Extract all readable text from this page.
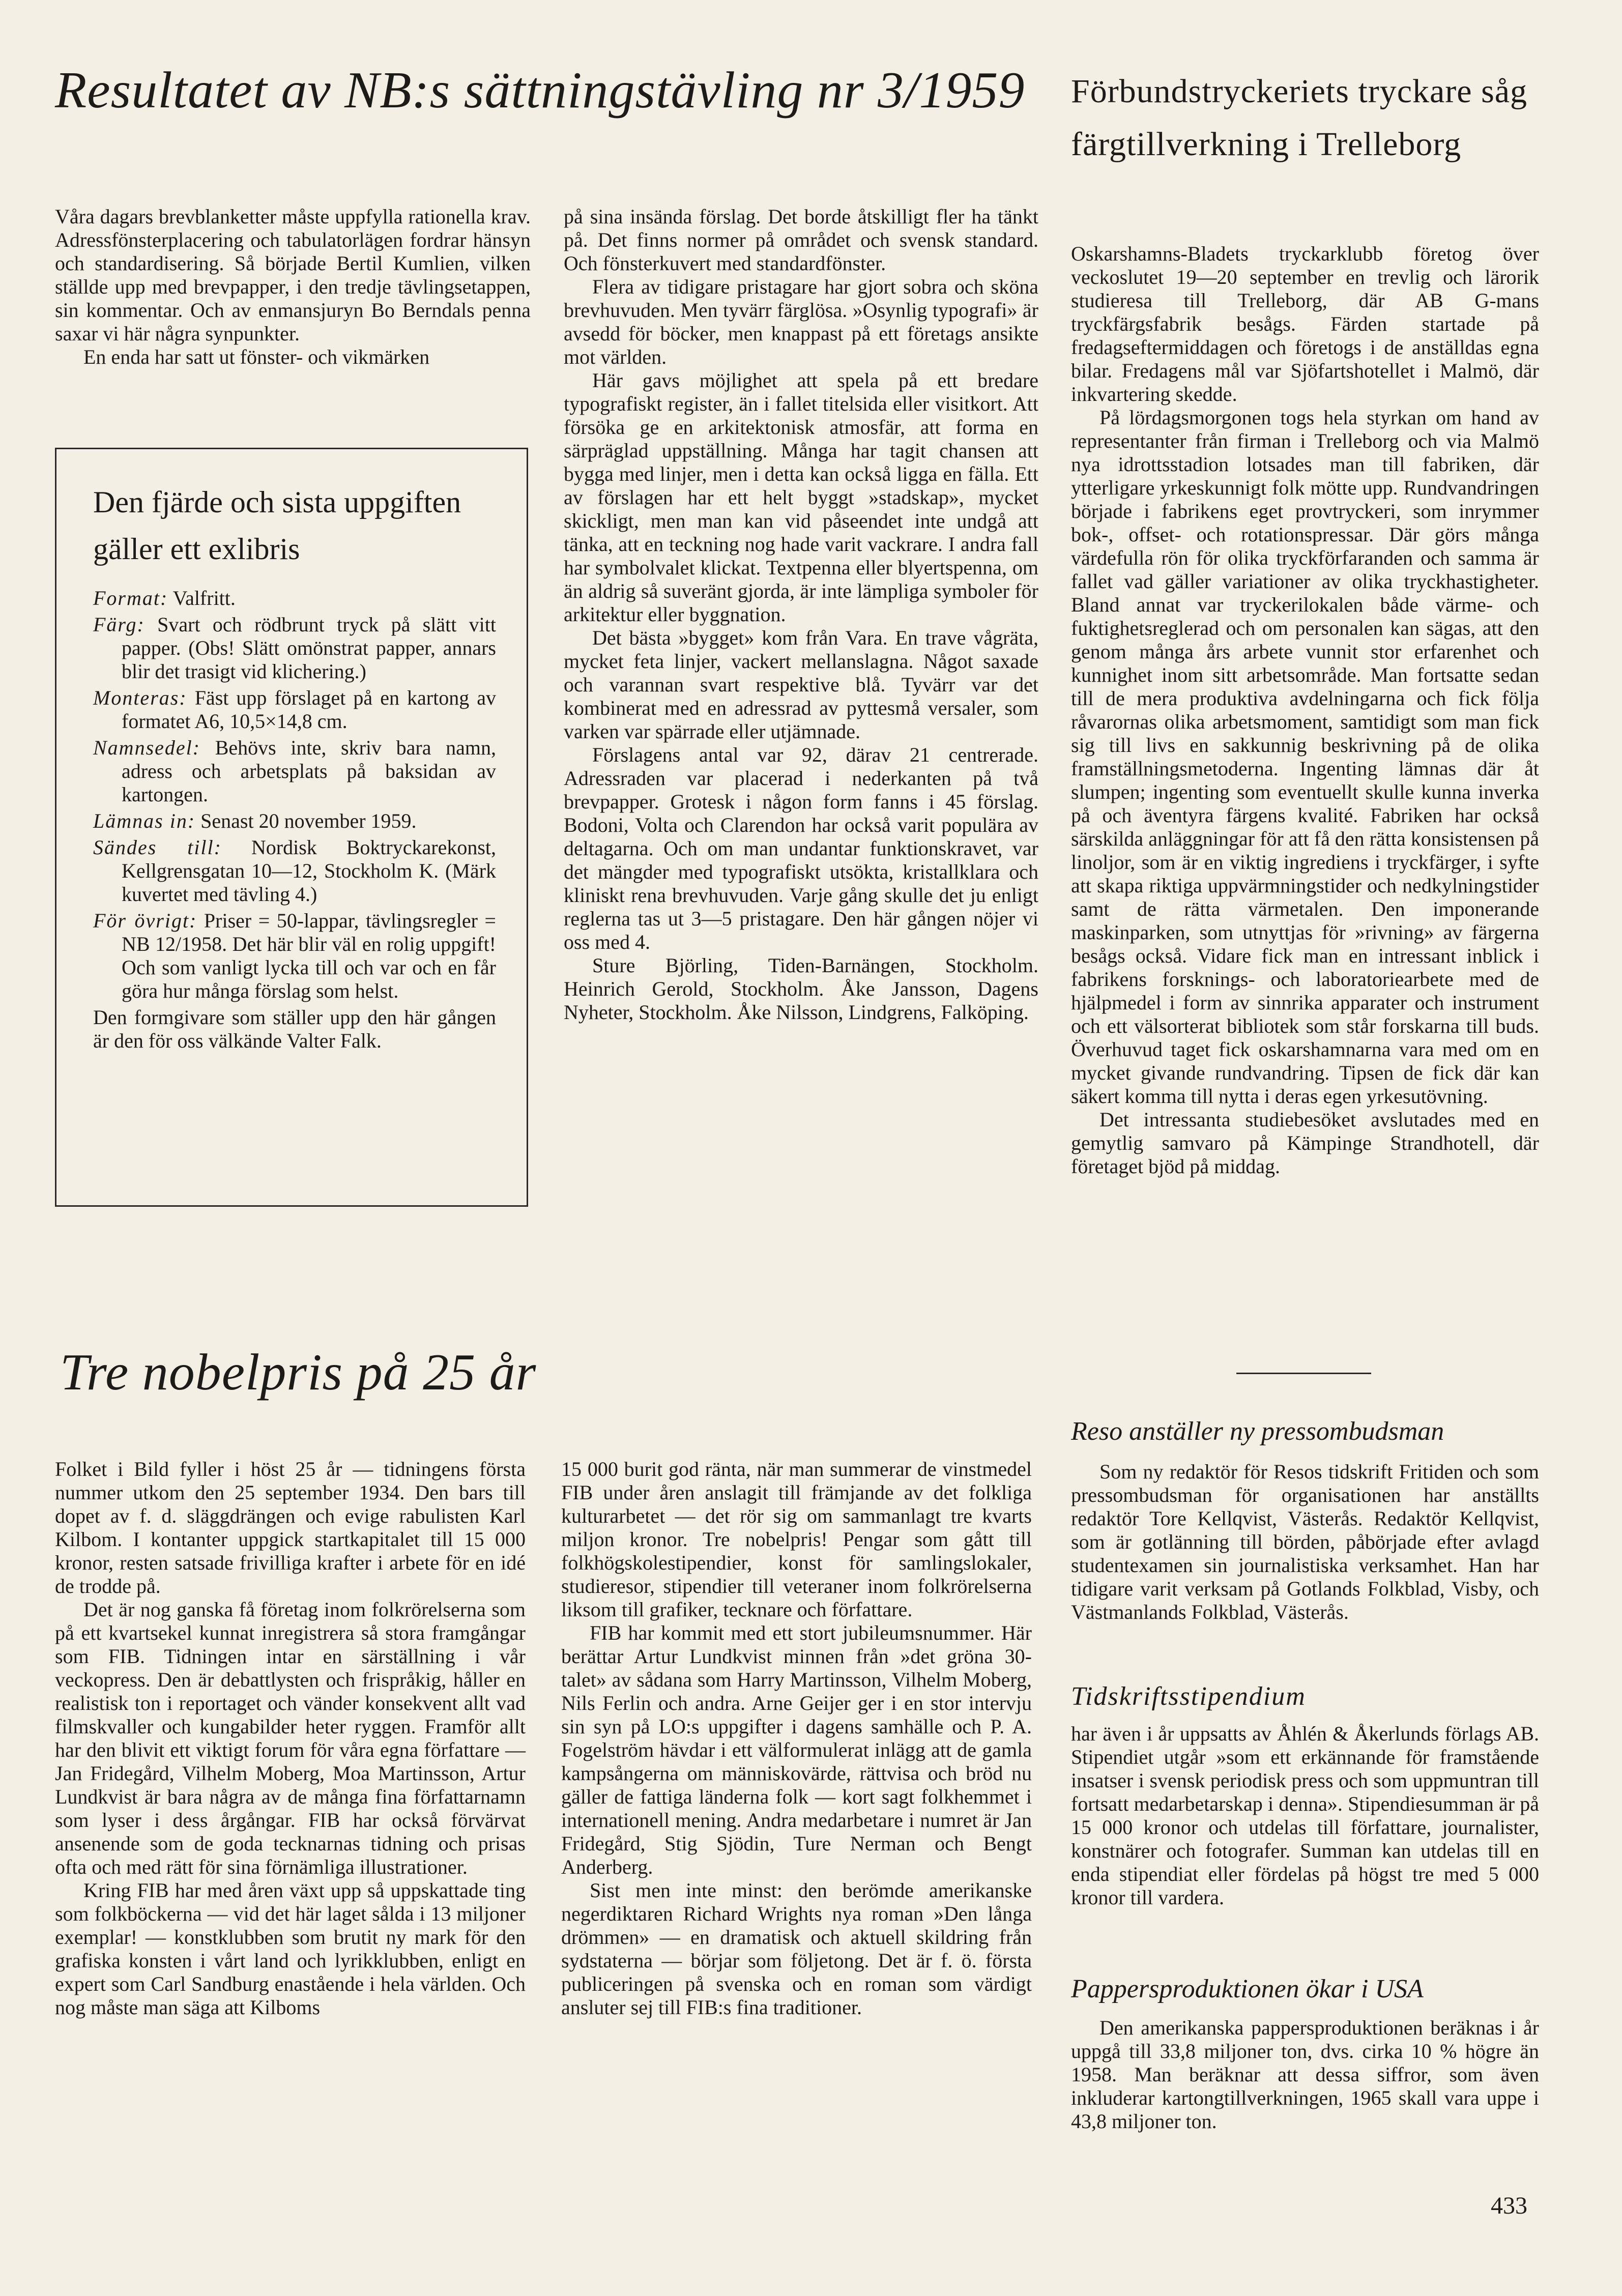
Resultatet av NB:s sättningstävling nr 3/1959

Våra dagars brevblanketter måste uppfylla rationella krav. Adressfönsterplacering och tabulatorlägen fordrar hänsyn och standardisering. Så började Bertil Kumlien, vilken ställde upp med brevpapper, i den tredje tävlingsetappen, sin kommentar. Och av enmansjuryn Bo Berndals penna saxar vi här några synpunkter.

En enda har satt ut fönster- och vikmärken

Den fjärde och sista uppgiften gäller ett exlibris

Format: Valfritt.

Färg: Svart och rödbrunt tryck på slätt vitt papper. (Obs! Slätt omönstrat papper, annars blir det trasigt vid klichering.)

Monteras: Fäst upp förslaget på en kartong av formatet A6, 10,5×14,8 cm.

Namnsedel: Behövs inte, skriv bara namn, adress och arbetsplats på baksidan av kartongen.

Lämnas in: Senast 20 november 1959.

Sändes till: Nordisk Boktryckarekonst, Kellgrensgatan 10—12, Stockholm K. (Märk kuvertet med tävling 4.)

För övrigt: Priser = 50-lappar, tävlingsregler = NB 12/1958. Det här blir väl en rolig uppgift! Och som vanligt lycka till och var och en får göra hur många förslag som helst.

Den formgivare som ställer upp den här gången är den för oss välkände Valter Falk.

på sina insända förslag. Det borde åtskilligt fler ha tänkt på. Det finns normer på området och svensk standard. Och fönsterkuvert med standardfönster.

Flera av tidigare pristagare har gjort sobra och sköna brevhuvuden. Men tyvärr färglösa. »Osynlig typografi» är avsedd för böcker, men knappast på ett företags ansikte mot världen.

Här gavs möjlighet att spela på ett bredare typografiskt register, än i fallet titelsida eller visitkort. Att försöka ge en arkitektonisk atmosfär, att forma en särpräglad uppställning. Många har tagit chansen att bygga med linjer, men i detta kan också ligga en fälla. Ett av förslagen har ett helt byggt »stadskap», mycket skickligt, men man kan vid påseendet inte undgå att tänka, att en teckning nog hade varit vackrare. I andra fall har symbolvalet klickat. Textpenna eller blyertspenna, om än aldrig så suveränt gjorda, är inte lämpliga symboler för arkitektur eller byggnation.

Det bästa »bygget» kom från Vara. En trave vågräta, mycket feta linjer, vackert mellanslagna. Något saxade och varannan svart respektive blå. Tyvärr var det kombinerat med en adressrad av pyttesmå versaler, som varken var spärrade eller utjämnade.

Förslagens antal var 92, därav 21 centrerade. Adressraden var placerad i nederkanten på två brevpapper. Grotesk i någon form fanns i 45 förslag. Bodoni, Volta och Clarendon har också varit populära av deltagarna. Och om man undantar funktionskravet, var det mängder med typografiskt utsökta, kristallklara och kliniskt rena brevhuvuden. Varje gång skulle det ju enligt reglerna tas ut 3—5 pristagare. Den här gången nöjer vi oss med 4.

Sture Björling, Tiden-Barnängen, Stockholm. Heinrich Gerold, Stockholm. Åke Jansson, Dagens Nyheter, Stockholm. Åke Nilsson, Lindgrens, Falköping.

Förbundstryckeriets tryckare såg färgtillverkning i Trelleborg

Oskarshamns-Bladets tryckarklubb företog över veckoslutet 19—20 september en trevlig och lärorik studieresa till Trelleborg, där AB G-mans tryckfärgsfabrik besågs. Färden startade på fredagseftermiddagen och företogs i de anställdas egna bilar. Fredagens mål var Sjöfartshotellet i Malmö, där inkvartering skedde.

På lördagsmorgonen togs hela styrkan om hand av representanter från firman i Trelleborg och via Malmö nya idrottsstadion lotsades man till fabriken, där ytterligare yrkeskunnigt folk mötte upp. Rundvandringen började i fabrikens eget provtryckeri, som inrymmer bok-, offset- och rotationspressar. Där görs många värdefulla rön för olika tryckförfaranden och samma är fallet vad gäller variationer av olika tryckhastigheter. Bland annat var tryckerilokalen både värme- och fuktighetsreglerad och om personalen kan sägas, att den genom många års arbete vunnit stor erfarenhet och kunnighet inom sitt arbetsområde. Man fortsatte sedan till de mera produktiva avdelningarna och fick följa råvarornas olika arbetsmoment, samtidigt som man fick sig till livs en sakkunnig beskrivning på de olika framställningsmetoderna. Ingenting lämnas där åt slumpen; ingenting som eventuellt skulle kunna inverka på och äventyra färgens kvalité. Fabriken har också särskilda anläggningar för att få den rätta konsistensen på linoljor, som är en viktig ingrediens i tryckfärger, i syfte att skapa riktiga uppvärmningstider och nedkylningstider samt de rätta värmetalen. Den imponerande maskinparken, som utnyttjas för »rivning» av färgerna besågs också. Vidare fick man en intressant inblick i fabrikens forsknings- och laboratoriearbete med de hjälpmedel i form av sinnrika apparater och instrument och ett välsorterat bibliotek som står forskarna till buds. Överhuvud taget fick oskarshamnarna vara med om en mycket givande rundvandring. Tipsen de fick där kan säkert komma till nytta i deras egen yrkesutövning.

Det intressanta studiebesöket avslutades med en gemytlig samvaro på Kämpinge Strandhotell, där företaget bjöd på middag.

Tre nobelpris på 25 år

Folket i Bild fyller i höst 25 år — tidningens första nummer utkom den 25 september 1934. Den bars till dopet av f. d. släggdrängen och evige rabulisten Karl Kilbom. I kontanter uppgick startkapitalet till 15 000 kronor, resten satsade frivilliga krafter i arbete för en idé de trodde på.

Det är nog ganska få företag inom folkrörelserna som på ett kvartsekel kunnat inregistrera så stora framgångar som FIB. Tidningen intar en särställning i vår veckopress. Den är debattlysten och frispråkig, håller en realistisk ton i reportaget och vänder konsekvent allt vad filmskvaller och kungabilder heter ryggen. Framför allt har den blivit ett viktigt forum för våra egna författare — Jan Fridegård, Vilhelm Moberg, Moa Martinsson, Artur Lundkvist är bara några av de många fina författarnamn som lyser i dess årgångar. FIB har också förvärvat ansenende som de goda tecknarnas tidning och prisas ofta och med rätt för sina förnämliga illustrationer.

Kring FIB har med åren växt upp så uppskattade ting som folkböckerna — vid det här laget sålda i 13 miljoner exemplar! — konstklubben som brutit ny mark för den grafiska konsten i vårt land och lyrikklubben, enligt en expert som Carl Sandburg enastående i hela världen. Och nog måste man säga att Kilboms

15 000 burit god ränta, när man summerar de vinstmedel FIB under åren anslagit till främjande av det folkliga kulturarbetet — det rör sig om sammanlagt tre kvarts miljon kronor. Tre nobelpris! Pengar som gått till folkhögskolestipendier, konst för samlingslokaler, studieresor, stipendier till veteraner inom folkrörelserna liksom till grafiker, tecknare och författare.

FIB har kommit med ett stort jubileumsnummer. Här berättar Artur Lundkvist minnen från »det gröna 30-talet» av sådana som Harry Martinsson, Vilhelm Moberg, Nils Ferlin och andra. Arne Geijer ger i en stor intervju sin syn på LO:s uppgifter i dagens samhälle och P. A. Fogelström hävdar i ett välformulerat inlägg att de gamla kampsångerna om människovärde, rättvisa och bröd nu gäller de fattiga länderna folk — kort sagt folkhemmet i internationell mening. Andra medarbetare i numret är Jan Fridegård, Stig Sjödin, Ture Nerman och Bengt Anderberg.

Sist men inte minst: den berömde amerikanske negerdiktaren Richard Wrights nya roman »Den långa drömmen» — en dramatisk och aktuell skildring från sydstaterna — börjar som följetong. Det är f. ö. första publiceringen på svenska och en roman som värdigt ansluter sej till FIB:s fina traditioner.

Reso anställer ny pressombudsman

Som ny redaktör för Resos tidskrift Fritiden och som pressombudsman för organisationen har anställts redaktör Tore Kellqvist, Västerås. Redaktör Kellqvist, som är gotlänning till börden, påbörjade efter avlagd studentexamen sin journalistiska verksamhet. Han har tidigare varit verksam på Gotlands Folkblad, Visby, och Västmanlands Folkblad, Västerås.

Tidskriftsstipendium

har även i år uppsatts av Åhlén & Åkerlunds förlags AB. Stipendiet utgår »som ett erkännande för framstående insatser i svensk periodisk press och som uppmuntran till fortsatt medarbetarskap i denna». Stipendiesumman är på 15 000 kronor och utdelas till författare, journalister, konstnärer och fotografer. Summan kan utdelas till en enda stipendiat eller fördelas på högst tre med 5 000 kronor till vardera.

Pappersproduktionen ökar i USA

Den amerikanska pappersproduktionen beräknas i år uppgå till 33,8 miljoner ton, dvs. cirka 10 % högre än 1958. Man beräknar att dessa siffror, som även inkluderar kartongtillverkningen, 1965 skall vara uppe i 43,8 miljoner ton.

433
